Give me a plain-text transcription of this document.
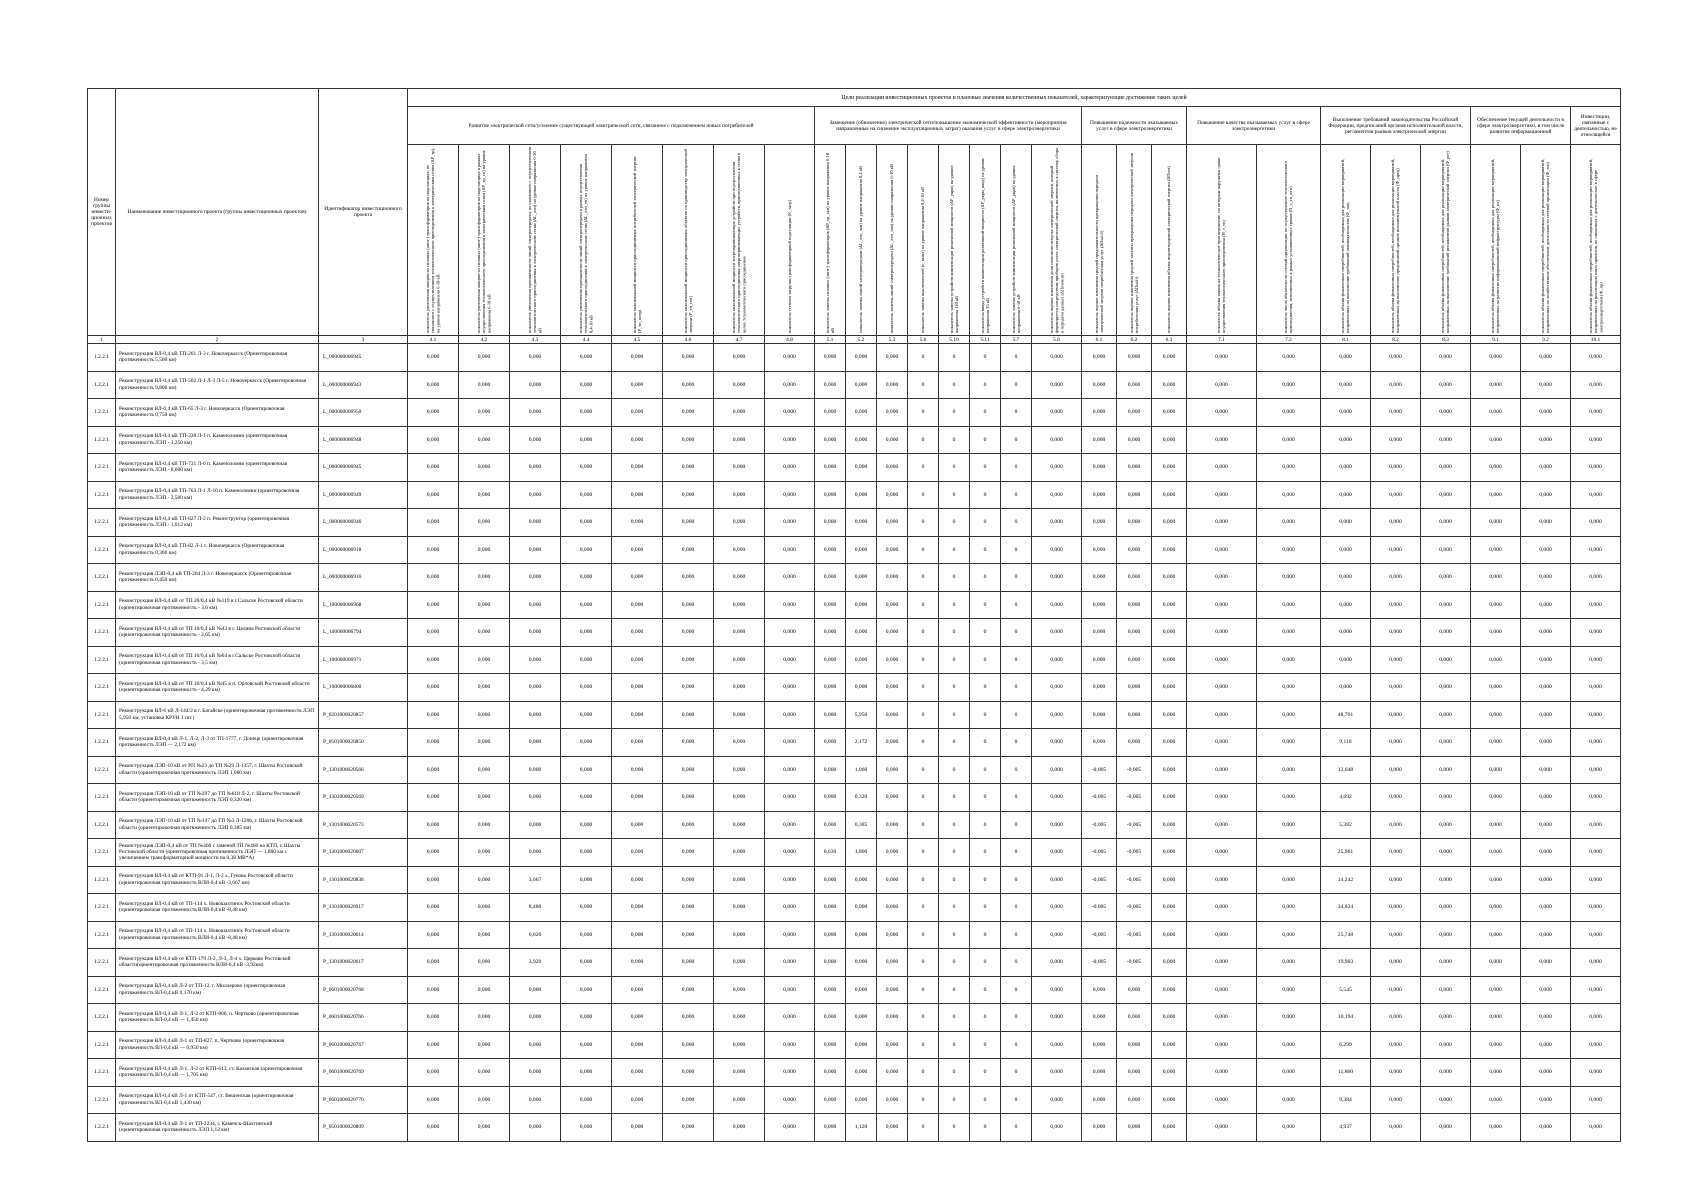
Номер группы инвести-ционных проектов	Наименование инвестиционного проекта (группы инвестиционных проектов)	Идентификатор инвестиционного проекта	Цели реализации инвестиционных проектов и плановые значения количественных показателей, характеризующие достижение таких целей																										
			Развитие электрической сети/усиление существующей электрической сети, связанное с подключением новых потребителей								Замещение (обновление) электрической сети/повышение экономической эффективности (мероприятия направленные на снижение эксплуатационных затрат) оказания услуг в сфере электроэнергетики								Повышение надежности оказываемых услуг в сфере электроэнергетики			Повышение качества оказываемых услуг в сфере электроэнергетики		Выполнение требований законодательства Российской Федерации, предписаний органов исполнительной власти, регламентов рынков электрической энергии			Обеспечение текущей деятельности в сфере электроэнергетики, в том числе развитие информационной		Инвестиции, связанные с деятельностью, не относящейся

			показатель увеличения мощности силовых (авто-) трансформаторов на подстанциях, не связанного с осуществлением технологического присоединения к электрическим сетям (ΔP_тр), на уровне напряжения 6-10 кВ	показатель увеличения мощности силовых (авто-) трансформаторов на подстанциях в рамках осуществления технологического присоединения к электрическим сетям (ΔP_тр_тп) на уровне напряжения 6-10 кВ	показатель увеличения протяженности линий электропередачи, не связанного с осуществлением технологического присоединения к электрическим сетям (ΔL_лэп) на уровне напряжения 6-10 кВ	показатель увеличения протяженности линий электропередачи в рамках осуществления технологического присоединения к электрическим сетям (ΔL_лэп_тп) на уровне напряжения 0,4-10 кВ	показатель максимальной мощности присоединяемых потребителей электрической энергии (P_тп_потр)	показатель максимальной мощности присоединяемых объектов по производству электрической энергии (P_тп_ген)	показатель максимальной мощности энергопринимающих устройств при осуществлении технологического присоединения энергопринимающих устройств, присоединенных к сетям в целях технологического присоединения	показатель степени загрузки трансформаторной подстанции (K_загр)	показатель замены силовых (авто-) трансформаторов (ΔP_тр_зам) на уровне напряжения 6-10 кВ	показатель замены линий электропередачи (ΔL_лэп_зам) на уровне напряжения 0,4 кВ	показатель замены линий электропередачи (ΔL_лэп_зам) на уровне напряжения 6-10 кВ	показатель замены выключателей (n_выкл) на уровне напряжения 0,4-10 кВ	показатель замены устройств компенсации реактивной мощности (ΔP_укрм) на уровне напряжения 110 кВ	показатель ввода устройств компенсации реактивной мощности (ΔP_укрм_ввод) на уровне напряжения 35 кВ	показатель замены устройств компенсации реактивной мощности (ΔP_укрм) на уровне напряжения 6-10 кВ	показатель оценки изменения доли полезного отпуска электрической энергии, который формируется посредством приборов учета электрической энергии, включенных в систему сбора и передачи данных (ΔПполезн)	показатель оценки изменения средней продолжительности прекращения передачи электрической энергии потребителям услуг (ΔПsaidi)	показатель оценки изменения средней частоты прекращения передачи электрической энергии потребителям услуг (ΔПsaifi)	показатель оценки изменения объема недоотпущенной электрической энергии (ΔПens)	показатель объема заявок на технологическое присоединение, по которым нарушены сроки осуществления технологического присоединения (N_з_тп)	показатель числа обязательств сетевой организации по осуществлению технологического присоединения, исполненных в рамках установленных сроков (N_з_тп_исп)	показатель объема финансовых потребностей, необходимых для реализации мероприятий, направленных на выполнение требований законодательства (Ф_зак)	показатель объема финансовых потребностей, необходимых для реализации мероприятий, направленных на выполнение предписаний органов исполнительной власти (Ф_пред)	показатель объема финансовых потребностей, необходимых для реализации мероприятий, направленных на выполнение требований регламентов рынков электрической энергии (Ф_рег)	показатель объема финансовых потребностей, необходимых для реализации мероприятий, направленных на развитие информационной инфраструктуры (Ф_ит)	показатель объема финансовых потребностей, необходимых для реализации мероприятий, направленных на хозяйственное обеспечение деятельности сетевой организации (Ф_хоз)	показатель объема финансовых потребностей, необходимых для реализации мероприятий, направленных на реализацию иных проектов, не связанных с деятельностью в сфере электроэнергетики (Ф_пр)

1	2	3	4.1	4.2	4.3	4.4	4.5	4.6	4.7	4.8	5.1	5.2	5.3	5.6	5.10	5.11	5.7	5.8	6.1	6.2	6.3	7.1	7.2	8.1	8.2	8.3	9.1	9.2	10.1
1.2.2.1	Реконструкция ВЛ-0,4 кВ ТП-261 Л-3 г. Новочеркасск (Ориентировочная протяженность 5,500 км)	L_000000006945	0,000	0,000	0,000	0,000	0,000	0,000	0,000	0,000	0,000	0,000	0,000	0	0	0	0	0,000	0,000	0,000	0,000	0,000	0,000	0,000	0,000	0,000	0,000	0,000	0,000
1.2.2.1	Реконструкция ВЛ-0,4 кВ ТП-502 Л-1 Л-3 Л-5 г. Новочеркасск (Ориентировочная протяженность 9,800 км)	L_000000006943	0,000	0,000	0,000	0,000	0,000	0,000	0,000	0,000	0,000	0,000	0,000	0	0	0	0	0,000	0,000	0,000	0,000	0,000	0,000	0,000	0,000	0,000	0,000	0,000	0,000
1.2.2.1	Реконструкция ВЛ-0,4 кВ ТП-65 Л-3 г. Новочеркасск (Ориентировочная протяженность 0,750 км)	L_000000006950	0,000	0,000	0,000	0,000	0,000	0,000	0,000	0,000	0,000	0,000	0,000	0	0	0	0	0,000	0,000	0,000	0,000	0,000	0,000	0,000	0,000	0,000	0,000	0,000	0,000
1.2.2.1	Реконструкция ВЛ-0,4 кВ ТП-330 Л-1 п. Каменоломни (ориентировочная протяженность ЛЭП - 1,250 км)	L_000000006948	0,000	0,000	0,000	0,000	0,000	0,000	0,000	0,000	0,000	0,000	0,000	0	0	0	0	0,000	0,000	0,000	0,000	0,000	0,000	0,000	0,000	0,000	0,000	0,000	0,000
1.2.2.1	Реконструкция ВЛ-0,4 кВ ТП-731 Л-6 п. Каменоломни (ориентировочная протяженность ЛЭП - 0,600 км)	L_000000006945	0,000	0,000	0,000	0,000	0,000	0,000	0,000	0,000	0,000	0,000	0,000	0	0	0	0	0,000	0,000	0,000	0,000	0,000	0,000	0,000	0,000	0,000	0,000	0,000	0,000
1.2.2.1	Реконструкция ВЛ-0,4 кВ ТП-763 Л-1 Л-10 п. Каменоломни (ориентировочная протяженность ЛЭП - 2,500 км)	L_000000006949	0,000	0,000	0,000	0,000	0,000	0,000	0,000	0,000	0,000	0,000	0,000	0	0	0	0	0,000	0,000	0,000	0,000	0,000	0,000	0,000	0,000	0,000	0,000	0,000	0,000
1.2.2.1	Реконструкция ВЛ-0,4 кВ ТП-827 Л-2 п. Реконструктор (ориентировочная протяженность ЛЭП - 1,012 км)	L_000000006946	0,000	0,000	0,000	0,000	0,000	0,000	0,000	0,000	0,000	0,000	0,000	0	0	0	0	0,000	0,000	0,000	0,000	0,000	0,000	0,000	0,000	0,000	0,000	0,000	0,000
1.2.2.1	Реконструкция ВЛ-0,4 кВ ТП-82 Л-1 г. Новочеркасск (Ориентировочная протяженность 0,300 км)	L_000000006918	0,000	0,000	0,000	0,000	0,000	0,000	0,000	0,000	0,000	0,000	0,000	0	0	0	0	0,000	0,000	0,000	0,000	0,000	0,000	0,000	0,000	0,000	0,000	0,000	0,000
1.2.2.1	Реконструкция ЛЭП-0,4 кВ ТП-204 Л-3 г. Новочеркасск (Ориентировочная протяженность 0,450 км)	L_000000006916	0,000	0,000	0,000	0,000	0,000	0,000	0,000	0,000	0,000	0,000	0,000	0	0	0	0	0,000	0,000	0,000	0,000	0,000	0,000	0,000	0,000	0,000	0,000	0,000	0,000
1.2.2.1	Реконструкция ВЛ-0,4 кВ от ТП 20/0,4 кВ №119 в г.Сальске Ростовской области (ориентировочная протяженность - 3,6 км)	L_100000006968	0,000	0,000	0,000	0,000	0,000	0,000	0,000	0,000	0,000	0,000	0,000	0	0	0	0	0,000	0,000	0,000	0,000	0,000	0,000	0,000	0,000	0,000	0,000	0,000	0,000
1.2.2.1	Реконструкция ВЛ-0,4 кВ от ТП 10/0,4 кВ №43 в г. Целина Ростовской области (ориентировочная протяженность - 2,65 км)	L_100000006794	0,000	0,000	0,000	0,000	0,000	0,000	0,000	0,000	0,000	0,000	0,000	0	0	0	0	0,000	0,000	0,000	0,000	0,000	0,000	0,000	0,000	0,000	0,000	0,000	0,000
1.2.2.1	Реконструкция ВЛ-0,4 кВ от ТП 10/0,4 кВ №64 в г.Сальске Ростовской области (ориентировочная протяженность - 3,5 км)	L_100000006971	0,000	0,000	0,000	0,000	0,000	0,000	0,000	0,000	0,000	0,000	0,000	0	0	0	0	0,000	0,000	0,000	0,000	0,000	0,000	0,000	0,000	0,000	0,000	0,000	0,000
1.2.2.1	Реконструкция ВЛ-0,4 кВ от ТП 10/0,4 кВ №45 в п. Орловский Ростовской области (ориентировочная протяженность - 4,29 км)	L_100000006800	0,000	0,000	0,000	0,000	0,000	0,000	0,000	0,000	0,000	0,000	0,000	0	0	0	0	0,000	0,000	0,000	0,000	0,000	0,000	0,000	0,000	0,000	0,000	0,000	0,000
1.2.2.1	Реконструкция ВЛ-6 кВ Л-144/2 в г. Батайске (ориентировочная протяженность ЛЭП 5,950 км, установка КРУН 1 шт.)	P_0201000020857	0,000	0,000	0,000	0,000	0,000	0,000	0,000	0,000	0,000	5,950	0,000	0	0	0	0	0,000	0,000	0,000	0,000	0,000	0,000	48,701	0,000	0,000	0,000	0,000	0,000
1.2.2.1	Реконструкция ВЛ-0,4 кВ Л-1, Л-2, Л-3 от ТП-1777, г. Донецк (ориентировочная протяженность ЛЭП — 2,172 км)	P_0501000020850	0,000	0,000	0,000	0,000	0,000	0,000	0,000	0,000	0,000	2,172	0,000	0	0	0	0	0,000	0,000	0,000	0,000	0,000	0,000	9,118	0,000	0,000	0,000	0,000	0,000
1.2.2.1	Реконструкция ЛЭП-10 кВ от РП №23 до ТП №29 Л-1357, г. Шахты Ростовской области (ориентировочная протяженность ЛЭП 1,060 км)	P_1301000020566	0,000	0,000	0,000	0,000	0,000	0,000	0,000	0,000	0,000	1,060	0,000	0	0	0	0	0,000	-0,005	-0,005	0,000	0,000	0,000	13,648	0,000	0,000	0,000	0,000	0,000
1.2.2.1	Реконструкция ЛЭП-10 кВ от ТП №297 до ТП №618 Л-2, г. Шахты Ростовской области (ориентировочная протяженность ЛЭП 0,320 км)	P_1301000020569	0,000	0,000	0,000	0,000	0,000	0,000	0,000	0,000	0,000	0,320	0,000	0	0	0	0	0,000	-0,005	-0,005	0,000	0,000	0,000	4,692	0,000	0,000	0,000	0,000	0,000
1.2.2.1	Реконструкция ЛЭП-10 кВ от ТП №147 до ТП №3 Л-1206, г. Шахты Ростовской области (ориентировочная протяженность ЛЭП 0,385 км)	P_1301000020573	0,000	0,000	0,000	0,000	0,000	0,000	0,000	0,000	0,000	0,385	0,000	0	0	0	0	0,000	-0,005	-0,005	0,000	0,000	0,000	5,382	0,000	0,000	0,000	0,000	0,000
1.2.2.1	Реконструкция ЛЭП-0,4 кВ от ТП №466 с заменой ТП №466 на КТП, г. Шахты Ростовской области (ориентировочная протяженность ЛЭП — 1,800 км с увеличением трансформаторной мощности на 0,38 МВ*А)	P_1301000020607	0,000	0,000	0,000	0,000	0,000	0,000	0,000	0,000	0,630	1,800	0,000	0	0	0	0	0,000	-0,005	-0,005	0,000	0,000	0,000	25,961	0,000	0,000	0,000	0,000	0,000
1.2.2.1	Реконструкция ВЛ-0,4 кВ от КТП-91 Л-1, Л-2 х. Гуково Ростовской области (ориентировочная протяженность ВЛИ-0,4 кВ -3,667 км)	P_1301000020838	0,000	0,000	3,667	0,000	0,000	0,000	0,000	0,000	0,000	0,000	0,000	0	0	0	0	0,000	-0,005	-0,005	0,000	0,000	0,000	14,242	0,000	0,000	0,000	0,000	0,000
1.2.2.1	Реконструкция ВЛ-0,4 кВ от ТП-114 х. Новошахтинск Ростовской области (ориентировочная протяженность ВЛИ-0,4 кВ -8,48 км)	P_1301000020917	0,000	0,000	8,480	0,000	0,000	0,000	0,000	0,000	0,000	0,000	0,000	0	0	0	0	0,000	-0,005	-0,005	0,000	0,000	0,000	34,834	0,000	0,000	0,000	0,000	0,000
1.2.2.1	Реконструкция ВЛ-0,4 кВ от ТП-114 х. Новошахтинск Ростовской области (ориентировочная протяженность ВЛИ-0,4 кВ -8,48 км)	P_1301000020614	0,000	0,000	6,020	0,000	0,000	0,000	0,000	0,000	0,000	0,000	0,000	0	0	0	0	0,000	-0,005	-0,005	0,000	0,000	0,000	25,748	0,000	0,000	0,000	0,000	0,000
1.2.2.1	Реконструкция ВЛ-0,4 кВ от КТП-179 Л-2, Л-3, Л-4 х. Церково Ростовской области(ориентировочная протяженность ВЛИ-0,4 кВ -3,92км)	P_1301000020617	0,000	0,000	3,920	0,000	0,000	0,000	0,000	0,000	0,000	0,000	0,000	0	0	0	0	0,000	-0,005	-0,005	0,000	0,000	0,000	19,903	0,000	0,000	0,000	0,000	0,000
1.2.2.1	Реконструкция ВЛ-0,4 кВ Л-2 от ТП-12, г. Миллерово (ориентировочная протяженность ВЛ-0,4 кВ 0,170 км)	P_0601000020768	0,000	0,000	0,000	0,000	0,000	0,000	0,000	0,000	0,000	0,000	0,000	0	0	0	0	0,000	0,000	0,000	0,000	0,000	0,000	5,545	0,000	0,000	0,000	0,000	0,000
1.2.2.1	Реконструкция ВЛ-0,4 кВ Л-1, Л-2 от КТП-806, п. Чертково (ориентировочная протяженность ВЛ-0,4 кВ — 1,450 км)	P_0601000020766	0,000	0,000	0,000	0,000	0,000	0,000	0,000	0,000	0,000	0,000	0,000	0	0	0	0	0,000	0,000	0,000	0,000	0,000	0,000	10,194	0,000	0,000	0,000	0,000	0,000
1.2.2.1	Реконструкция ВЛ-0,4 кВ Л-1 от ТП-827, п. Чертково (ориентировочная протяженность ВЛ-0,4 кВ — 0,950 км)	P_0601000020767	0,000	0,000	0,000	0,000	0,000	0,000	0,000	0,000	0,000	0,000	0,000	0	0	0	0	0,000	0,000	0,000	0,000	0,000	0,000	6,299	0,000	0,000	0,000	0,000	0,000
1.2.2.1	Реконструкция ВЛ-0,4 кВ Л-1, Л-2 от КТП-613, ст. Казанская (ориентировочная протяженность ВЛ-0,4 кВ — 1,705 км)	P_0601000020769	0,000	0,000	0,000	0,000	0,000	0,000	0,000	0,000	0,000	0,000	0,000	0	0	0	0	0,000	0,000	0,000	0,000	0,000	0,000	11,860	0,000	0,000	0,000	0,000	0,000
1.2.2.1	Реконструкция ВЛ-0,4 кВ Л-1 от КТП-547, ст. Вешенская (ориентировочная протяженность ВЛ-0,4 кВ 1,430 км)	P_0601000020770	0,000	0,000	0,000	0,000	0,000	0,000	0,000	0,000	0,000	0,000	0,000	0	0	0	0	0,000	0,000	0,000	0,000	0,000	0,000	9,384	0,000	0,000	0,000	0,000	0,000
1.2.2.1	Реконструкция ВЛ-0,4 кВ Л-1 от ТП-2234, г. Каменск-Шахтинский (ориентировочная протяженность ЛЭП 1,12 км)	P_0501000020809	0,000	0,000	0,000	0,000	0,000	0,000	0,000	0,000	0,000	1,120	0,000	0	0	0	0	0,000	0,000	0,000	0,000	0,000	0,000	4,937	0,000	0,000	0,000	0,000	0,000
